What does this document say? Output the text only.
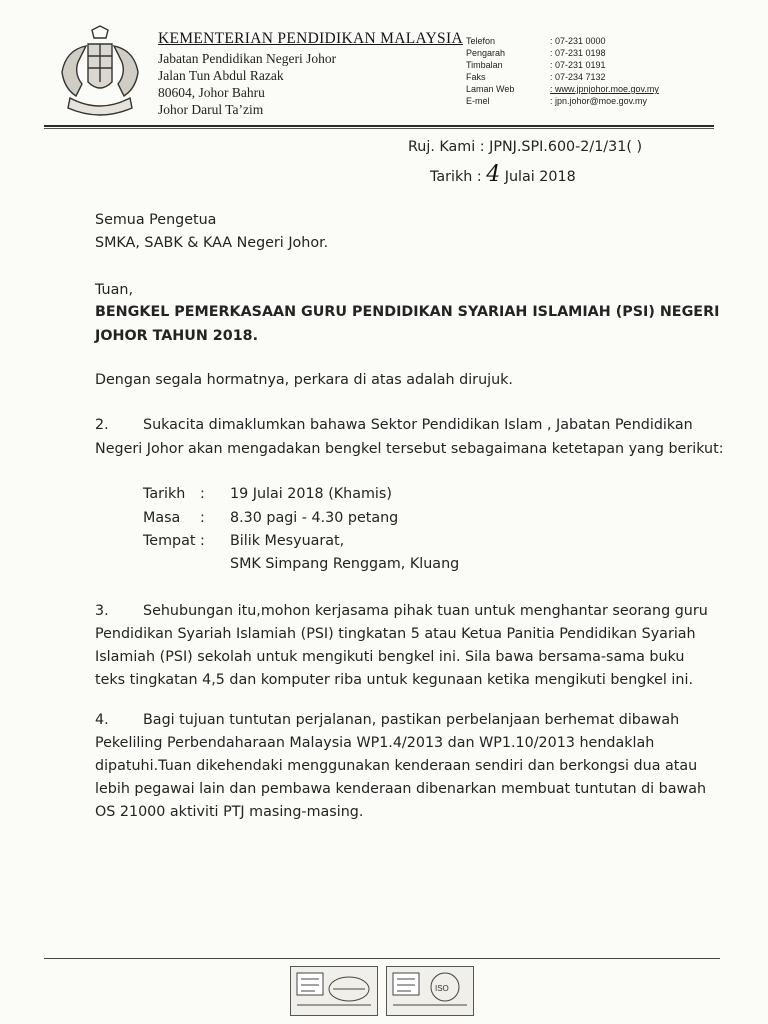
KEMENTERIAN PENDIDIKAN MALAYSIA
Jabatan Pendidikan Negeri Johor
Jalan Tun Abdul Razak
80604, Johor Bahru
Johor Darul Ta’zim
Telefon	: 07-231 0000
Pengarah	: 07-231 0198
Timbalan	: 07-231 0191
Faks	: 07-234 7132
Laman Web	: www.jpnjohor.moe.gov.my
E-mel	: jpn.johor@moe.gov.my
Ruj. Kami : JPNJ.SPI.600-2/1/31( )
Tarikh : 4 Julai 2018
Semua Pengetua
SMKA, SABK & KAA Negeri Johor.
Tuan,
BENGKEL PEMERKASAAN GURU PENDIDIKAN SYARIAH ISLAMIAH (PSI) NEGERI
JOHOR TAHUN 2018.
Dengan segala hormatnya, perkara di atas adalah dirujuk.
2. Sukacita dimaklumkan bahawa Sektor Pendidikan Islam , Jabatan Pendidikan
Negeri Johor akan mengadakan bengkel tersebut sebagaimana ketetapan yang berikut:
Tarikh : 19 Julai 2018 (Khamis)
Masa : 8.30 pagi - 4.30 petang
Tempat : Bilik Mesyuarat,
SMK Simpang Renggam, Kluang
3. Sehubungan itu,mohon kerjasama pihak tuan untuk menghantar seorang guru
Pendidikan Syariah Islamiah (PSI) tingkatan 5 atau Ketua Panitia Pendidikan Syariah
Islamiah (PSI) sekolah untuk mengikuti bengkel ini. Sila bawa bersama-sama buku
teks tingkatan 4,5 dan komputer riba untuk kegunaan ketika mengikuti bengkel ini.
4. Bagi tujuan tuntutan perjalanan, pastikan perbelanjaan berhemat dibawah
Pekeliling Perbendaharaan Malaysia WP1.4/2013 dan WP1.10/2013 hendaklah
dipatuhi.Tuan dikehendaki menggunakan kenderaan sendiri dan berkongsi dua atau
lebih pegawai lain dan pembawa kenderaan dibenarkan membuat tuntutan di bawah
OS 21000 aktiviti PTJ masing-masing.
ISO
